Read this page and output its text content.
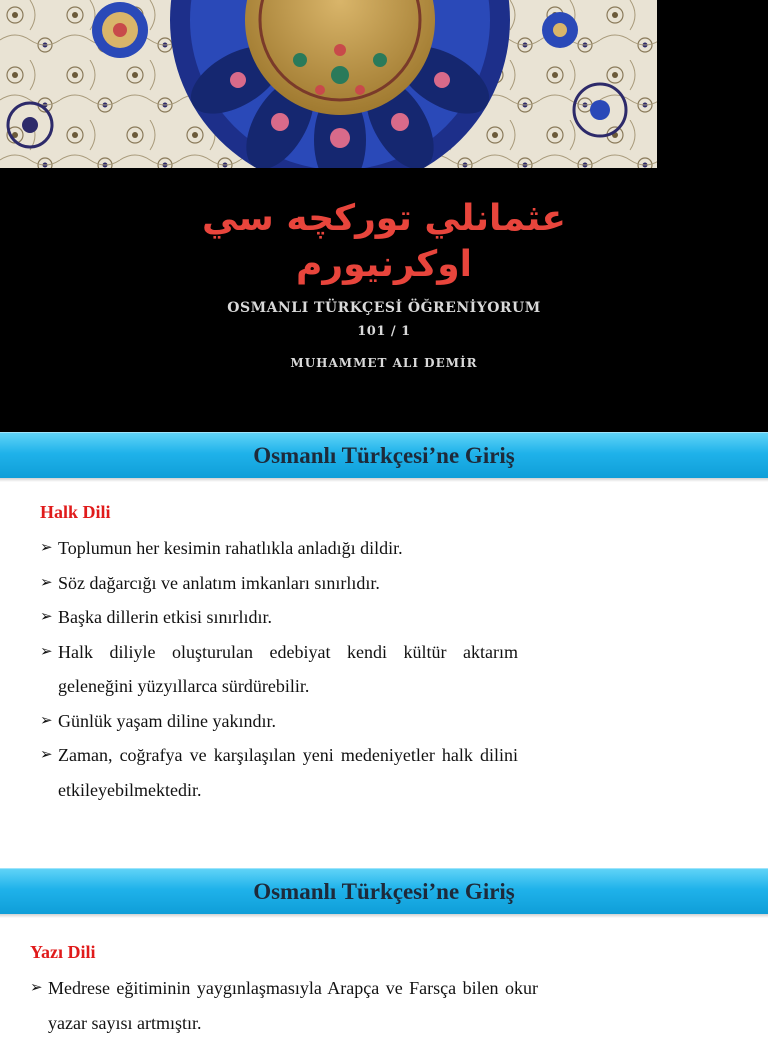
عثمانلي توركچه سي
اوكرنيورم
OSMANLI TÜRKÇESİ ÖĞRENİYORUM
101 / 1
MUHAMMET ALI DEMİR
Osmanlı Türkçesi’ne Giriş
Halk Dili
➢ Toplumun her kesimin rahatlıkla anladığı dildir.
➢ Söz dağarcığı ve anlatım imkanları sınırlıdır.
➢ Başka dillerin etkisi sınırlıdır.
➢ Halk diliyle oluşturulan edebiyat kendi kültür aktarım geleneğini yüzyıllarca sürdürebilir.
➢ Günlük yaşam diline yakındır.
➢ Zaman, coğrafya ve karşılaşılan yeni medeniyetler halk dilini etkileyebilmektedir.
Osmanlı Türkçesi’ne Giriş
Yazı Dili
➢ Medrese eğitiminin yaygınlaşmasıyla Arapça ve Farsça bilen okur yazar sayısı artmıştır.
